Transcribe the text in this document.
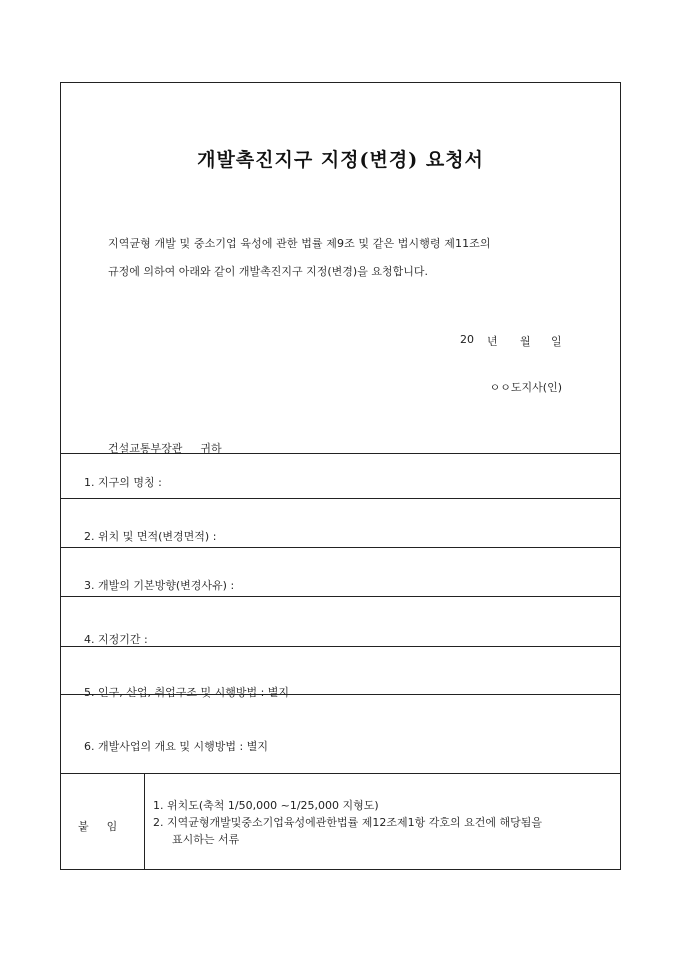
개발촉진지구 지정(변경) 요청서
지역균형 개발 및 중소기업 육성에 관한 법률 제9조 및 같은 법시행령 제11조의
규정에 의하여 아래와 같이 개발촉진지구 지정(변경)을 요청합니다.
20 년 월 일
ㅇㅇ도지사(인)
건설교통부장관 귀하
1. 지구의 명칭 :
2. 위치 및 면적(변경면적) :
3. 개발의 기본방향(변경사유) :
4. 지정기간 :
5. 인구, 산업, 취업구조 및 시행방법 : 별지
6. 개발사업의 개요 및 시행방법 : 별지
붙임
1. 위치도(축척 1/50,000 ~1/25,000 지형도)
2. 지역균형개발및중소기업육성에관한법률 제12조제1항 각호의 요건에 해당됨을
표시하는 서류
